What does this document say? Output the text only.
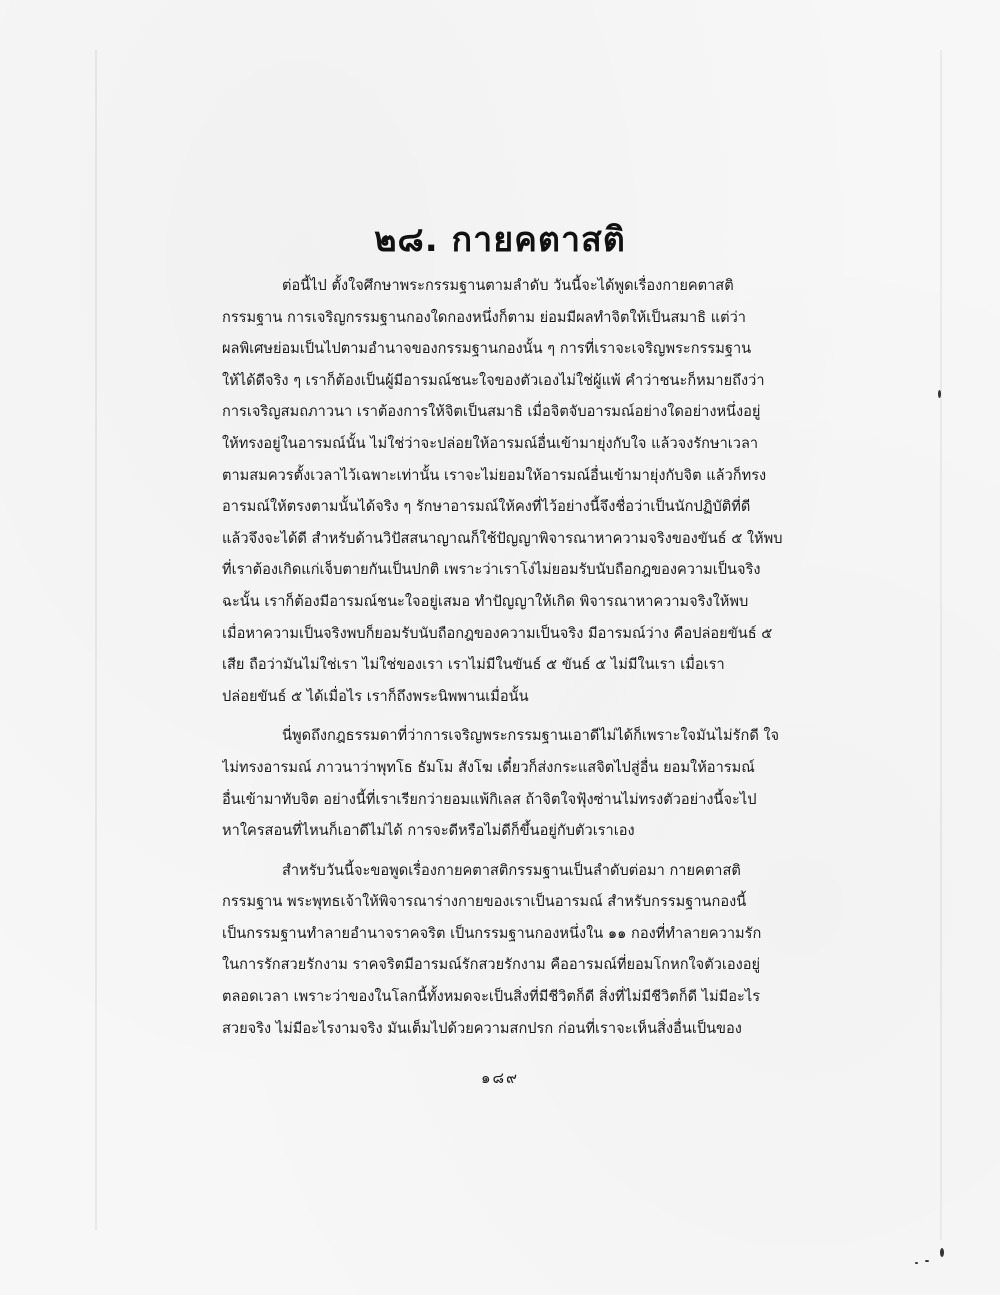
๒๘. กายคตาสติ
ต่อนี้ไป ตั้งใจศึกษาพระกรรมฐานตามลำดับ วันนี้จะได้พูดเรื่องกายคตาสติ
กรรมฐาน การเจริญกรรมฐานกองใดกองหนึ่งก็ตาม ย่อมมีผลทำจิตให้เป็นสมาธิ แต่ว่า
ผลพิเศษย่อมเป็นไปตามอำนาจของกรรมฐานกองนั้น ๆ การที่เราจะเจริญพระกรรมฐาน
ให้ได้ดีจริง ๆ เราก็ต้องเป็นผู้มีอารมณ์ชนะใจของตัวเองไม่ใช่ผู้แพ้ คำว่าชนะก็หมายถึงว่า
การเจริญสมถภาวนา เราต้องการให้จิตเป็นสมาธิ เมื่อจิตจับอารมณ์อย่างใดอย่างหนึ่งอยู่
ให้ทรงอยู่ในอารมณ์นั้น ไม่ใช่ว่าจะปล่อยให้อารมณ์อื่นเข้ามายุ่งกับใจ แล้วจงรักษาเวลา
ตามสมควรตั้งเวลาไว้เฉพาะเท่านั้น เราจะไม่ยอมให้อารมณ์อื่นเข้ามายุ่งกับจิต แล้วก็ทรง
อารมณ์ให้ตรงตามนั้นได้จริง ๆ รักษาอารมณ์ให้คงที่ไว้อย่างนี้จึงชื่อว่าเป็นนักปฏิบัติที่ดี
แล้วจึงจะได้ดี สำหรับด้านวิปัสสนาญาณก็ใช้ปัญญาพิจารณาหาความจริงของขันธ์ ๕ ให้พบ
ที่เราต้องเกิดแก่เจ็บตายกันเป็นปกติ เพราะว่าเราโง่ไม่ยอมรับนับถือกฎของความเป็นจริง
ฉะนั้น เราก็ต้องมีอารมณ์ชนะใจอยู่เสมอ ทำปัญญาให้เกิด พิจารณาหาความจริงให้พบ
เมื่อหาความเป็นจริงพบก็ยอมรับนับถือกฎของความเป็นจริง มีอารมณ์ว่าง คือปล่อยขันธ์ ๕
เสีย ถือว่ามันไม่ใช่เรา ไม่ใช่ของเรา เราไม่มีในขันธ์ ๕ ขันธ์ ๕ ไม่มีในเรา เมื่อเรา
ปล่อยขันธ์ ๕ ได้เมื่อไร เราก็ถึงพระนิพพานเมื่อนั้น
นี่พูดถึงกฎธรรมดาที่ว่าการเจริญพระกรรมฐานเอาดีไม่ได้ก็เพราะใจมันไม่รักดี ใจ
ไม่ทรงอารมณ์ ภาวนาว่าพุทโธ ธัมโม สังโฆ เดี๋ยวก็ส่งกระแสจิตไปสู่อื่น ยอมให้อารมณ์
อื่นเข้ามาทับจิต อย่างนี้ที่เราเรียกว่ายอมแพ้กิเลส ถ้าจิตใจฟุ้งซ่านไม่ทรงตัวอย่างนี้จะไป
หาใครสอนที่ไหนก็เอาดีไม่ได้ การจะดีหรือไม่ดีก็ขึ้นอยู่กับตัวเราเอง
สำหรับวันนี้จะขอพูดเรื่องกายคตาสติกรรมฐานเป็นลำดับต่อมา กายคตาสติ
กรรมฐาน พระพุทธเจ้าให้พิจารณาร่างกายของเราเป็นอารมณ์ สำหรับกรรมฐานกองนี้
เป็นกรรมฐานทำลายอำนาจราคจริต เป็นกรรมฐานกองหนึ่งใน ๑๑ กองที่ทำลายความรัก
ในการรักสวยรักงาม ราคจริตมีอารมณ์รักสวยรักงาม คืออารมณ์ที่ยอมโกหกใจตัวเองอยู่
ตลอดเวลา เพราะว่าของในโลกนี้ทั้งหมดจะเป็นสิ่งที่มีชีวิตก็ดี สิ่งที่ไม่มีชีวิตก็ดี ไม่มีอะไร
สวยจริง ไม่มีอะไรงามจริง มันเต็มไปด้วยความสกปรก ก่อนที่เราจะเห็นสิ่งอื่นเป็นของ
๑๘๙
